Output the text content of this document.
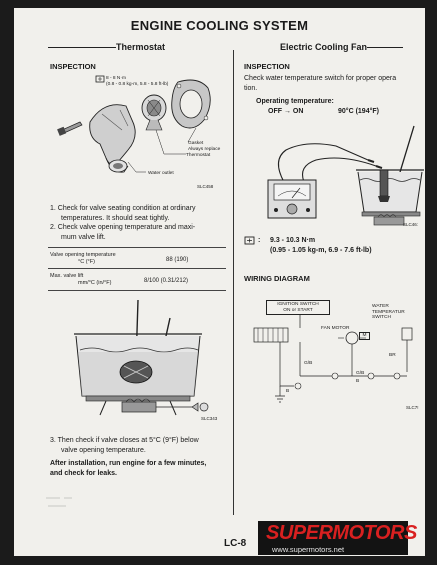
ENGINE COOLING SYSTEM
Thermostat	Electric Cooling Fan
INSPECTION
8 - 8 N·m
(0.8 - 0.8 kg-m, 5.8 - 5.8 ft-lb)
Gasket
Always replace
Thermostat
Water outlet
SLC458
1. Check for valve seating condition at ordinary
temperatures. It should seat tightly.
2. Check valve opening temperature and maxi-
mum valve lift.
Valve opening temperature
°C (°F)	88 (190)
Max. valve lift
mm/°C (in/°F)	8/100 (0.31/212)
SLC343
3. Then check if valve closes at 5°C (9°F) below
valve opening temperature.
After installation, run engine for a few minutes,
and check for leaks.
INSPECTION
Check water temperature switch for proper opera
tion.
Operating temperature:
OFF → ON	90°C (194°F)
SLC46:
: 9.3 - 10.3 N·m
(0.95 - 1.05 kg-m, 6.9 - 7.6 ft-lb)
WIRING DIAGRAM
IGNITION SWITCH
ON or START
FAN MOTOR
WATER
TEMPERATUR
SWITCH
M
G/B
G/B
B
B
BR
SLC7!
LC-8 SUPERMOTORS
www.supermotors.net
